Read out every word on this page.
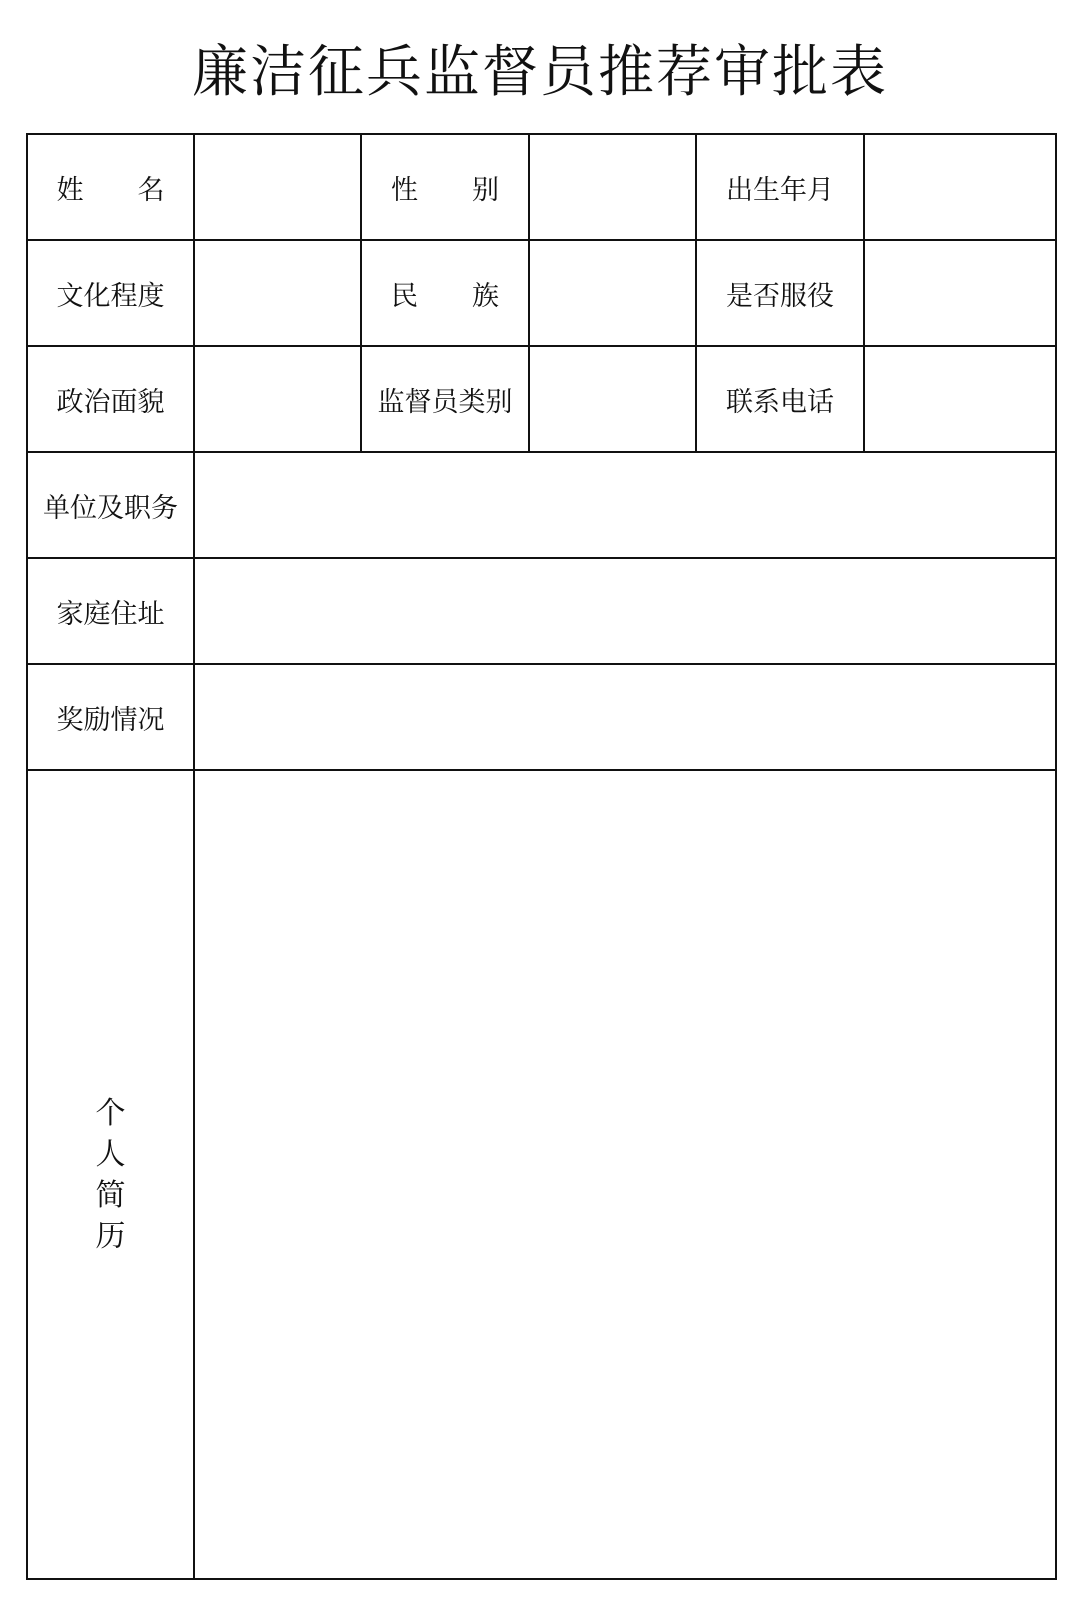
廉洁征兵监督员推荐审批表
姓　　名		性　　别		出生年月	
文化程度		民　　族		是否服役	
政治面貌		监督员类别		联系电话	
单位及职务					
家庭住址					
奖励情况					

个
人
简
历					
